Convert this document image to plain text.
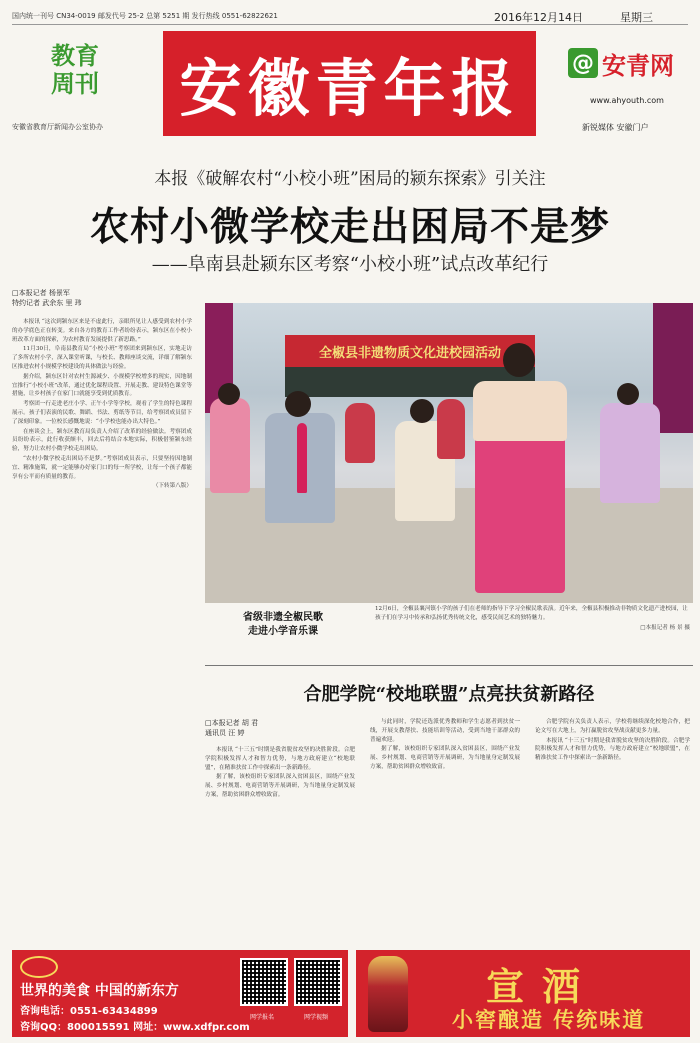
国内统一刊号 CN34-0019 邮发代号 25-2 总第 5251 期 发行热线 0551-62822621	2016年12月14日	星期三
教育
周刊
安徽省教育厅新闻办公室协办
安徽青年报 @ 安青网
www.ahyouth.com
新锐媒体 安徽门户
本报《破解农村“小校小班”困局的颍东探索》引关注
农村小微学校走出困局不是梦
——阜南县赴颍东区考察“小校小班”试点改革纪行
□本报记者 杨景军
特约记者 武余东 里 玮

本报讯 “这次到颍东区来是不虚此行，亲眼所见让人感受到农村小学的办学底色正在转变。来自各方的教育工作者纷纷表示，颍东区在小校小班改革方面的探索，为农村教育发展提供了新思路。”

11月30日，阜南县教育局“小校小班”考察团来到颍东区，实地走访了多所农村小学，深入课堂听课，与校长、教师座谈交流，详细了解颍东区推进农村小规模学校建设的具体做法与经验。

据介绍，颍东区针对农村生源减少、小规模学校增多的现实，因地制宜推行“小校小班”改革，通过优化课程设置、开展走教、建设特色课堂等措施，让乡村孩子在家门口就能享受到优质教育。

考察团一行走进老庄小学、正午小学等学校，观看了学生的特色课程展示。孩子们表演的民歌、舞蹈、书法、剪纸等节目，给考察团成员留下了深刻印象。一位校长感慨地说：“小学校也能办出大特色。”

在座谈会上，颍东区教育局负责人介绍了改革的经验做法。考察团成员纷纷表示，此行收获颇丰，回去后将结合本地实际，积极借鉴颍东经验，努力让农村小微学校走出困局。

“农村小微学校走出困局不是梦。”考察团成员表示，只要坚持因地制宜、精准施策，就一定能够办好家门口的每一所学校，让每一个孩子都能享有公平而有质量的教育。

（下转第八版）

全椒县非遗物质文化进校园活动
省级非遗全椒民歌
走进小学音乐课
12月6日，全椒县襄河镇小学的孩子们在老师的指导下学习全椒民歌表演。近年来，全椒县积极推动非物质文化遗产进校园，让孩子们在学习中传承和弘扬优秀传统文化，感受民间艺术的独特魅力。
□本报记者 杨 景 摄
合肥学院“校地联盟”点亮扶贫新路径
□本报记者 胡 君
通讯员 汪 婷

本报讯 “十三五”时期是我省脱贫攻坚的决胜阶段。合肥学院积极发挥人才和智力优势，与地方政府建立“校地联盟”，在精准扶贫工作中探索出一条新路径。

据了解，该校组织专家团队深入贫困县区，围绕产业发展、乡村规划、电商营销等开展调研，为当地量身定制发展方案，帮助贫困群众增收致富。

与此同时，学院还选派优秀教师和学生志愿者到扶贫一线，开展支教帮扶、技能培训等活动，受到当地干部群众的普遍欢迎。

据了解，该校组织专家团队深入贫困县区，围绕产业发展、乡村规划、电商营销等开展调研，为当地量身定制发展方案，帮助贫困群众增收致富。

合肥学院有关负责人表示，学校将继续深化校地合作，把论文写在大地上，为打赢脱贫攻坚战贡献更多力量。

本报讯 “十三五”时期是我省脱贫攻坚的决胜阶段。合肥学院积极发挥人才和智力优势，与地方政府建立“校地联盟”，在精准扶贫工作中探索出一条新路径。

世界的美食 中国的新东方
咨询电话：0551-63434899
咨询QQ：800015591 网址：www.xdfpr.com
网学报名	网学视频
宣酒
小窖酿造 传统味道
